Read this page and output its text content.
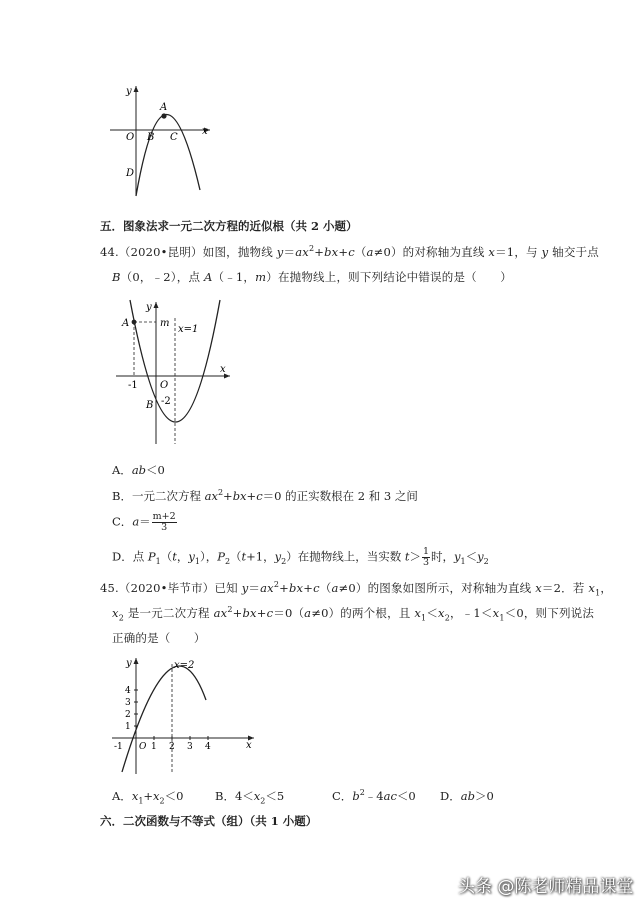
y
A
O B C
D
x
五．图象法求一元二次方程的近似根（共 2 小题）
44.（2020•昆明）如图，抛物线 $y=ax^2+bx+c(a\ne 0)$的对称轴为直线 x＝1，与 y 轴交于点
B（0，﹣2），点 A（﹣1，m）在抛物线上，则下列结论中错误的是（　　）
y
A	m
x=1
x
-1 O
B -2
A．ab＜0
B．一元二次方程 $ax^2+bx+c=0$ 的正实数根在 2 和 3 之间
C．$a= \frac{m+2}{3}$
D．点 $P_1(t$，$y_1$），$P_2(t+1$，$y_2$）在抛物线上，当实数 $t> \frac{1}{3}$ 时，$y_1<y_2$
45.（2020•毕节市）已知 $y=ax^2+bx+c(a\ne 0)$的图象如图所示，对称轴为直线 x＝2．若 $x_1$，
$x_2$ 是一元二次方程 $ax^2+bx+c=0(a\ne 0)$的两个根，且 $x_1<x_2$，$﹣1<x_1<0$，则下列说法
正确的是（　　）
y	x=2
4
3
2
1
-1 O 1 2 3 4	x
A．$x_1+x_2<0$	B．$4<x_2<5$	C．$b^2﹣4ac<0$ D．ab＞0
六．二次函数与不等式（组）（共 1 小题）
头条 @陈老师精品课堂
